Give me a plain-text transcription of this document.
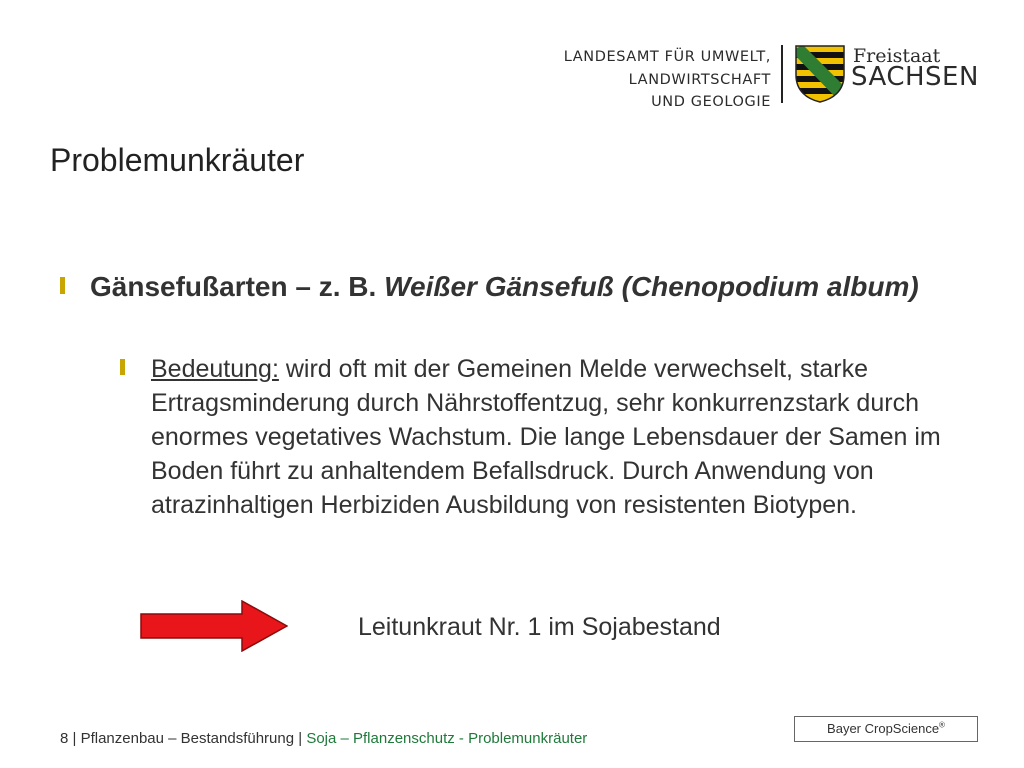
LANDESAMT FÜR UMWELT,
LANDWIRTSCHAFT
UND GEOLOGIE
Freistaat
SACHSEN
Problemunkräuter
Gänsefußarten – z. B. Weißer Gänsefuß (Chenopodium album)
Bedeutung: wird oft mit der Gemeinen Melde verwechselt, starke Ertragsminderung durch Nährstoffentzug, sehr konkurrenzstark durch enormes vegetatives Wachstum. Die lange Lebensdauer der Samen im Boden führt zu anhaltendem Befallsdruck. Durch Anwendung von atrazinhaltigen Herbiziden Ausbildung von resistenten Biotypen.
Leitunkraut Nr. 1 im Sojabestand
Bayer CropScience®
8 | Pflanzenbau – Bestandsführung | Soja – Pflanzenschutz - Problemunkräuter
